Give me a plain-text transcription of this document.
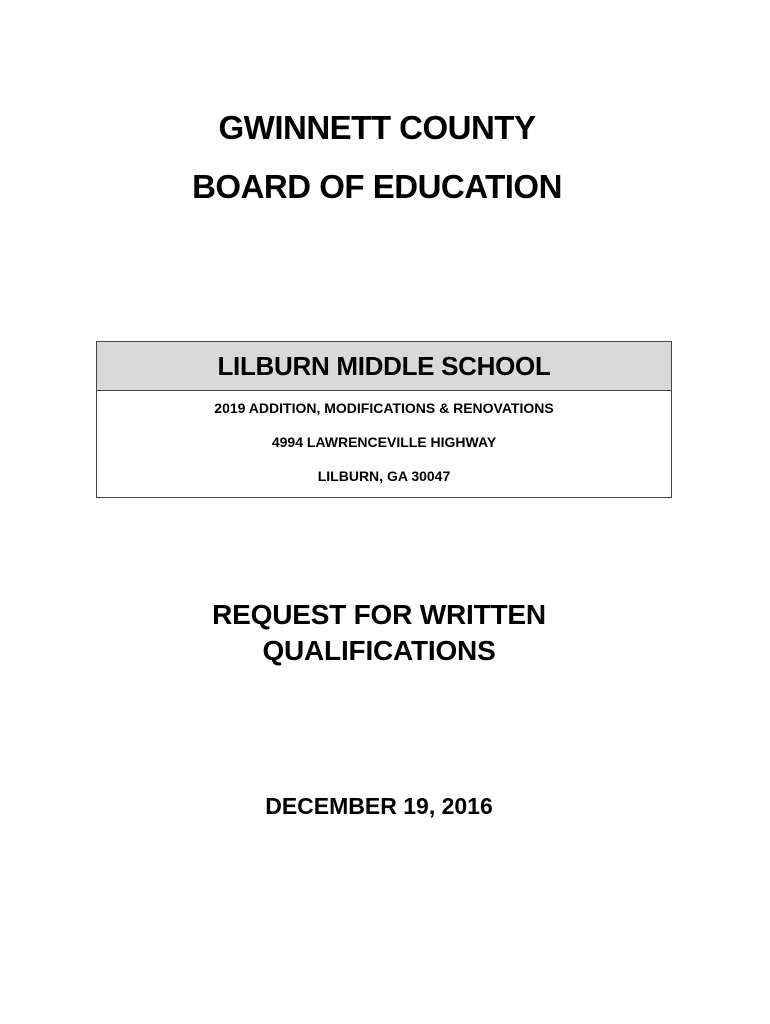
GWINNETT COUNTY
BOARD OF EDUCATION
LILBURN MIDDLE SCHOOL
2019 ADDITION, MODIFICATIONS & RENOVATIONS
4994 LAWRENCEVILLE HIGHWAY
LILBURN, GA 30047
REQUEST FOR WRITTEN
QUALIFICATIONS
DECEMBER 19, 2016
